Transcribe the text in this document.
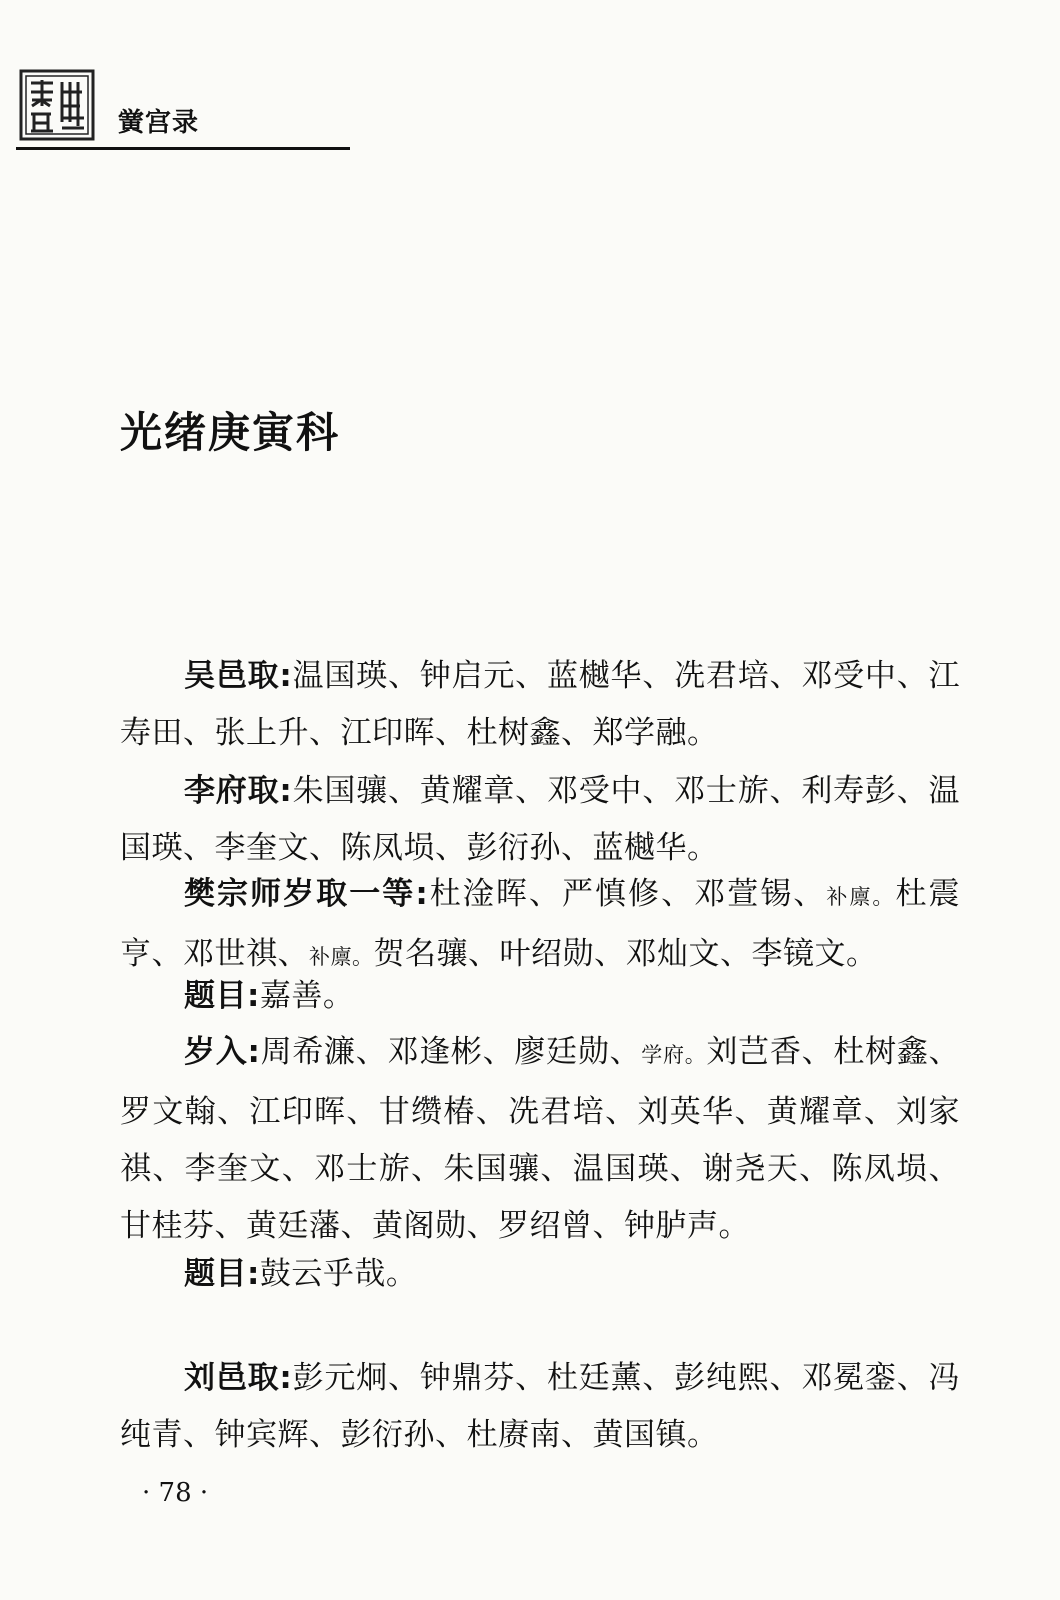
黉宫录
光绪庚寅科

吴邑取:温国瑛、钟启元、蓝樾华、冼君培、邓受中、江寿田、张上升、江印晖、杜树鑫、郑学融。

李府取:朱国骧、黄耀章、邓受中、邓士旂、利寿彭、温国瑛、李奎文、陈凤埙、彭衍孙、蓝樾华。

樊宗师岁取一等:杜淦晖、严慎修、邓萱锡、补廪。杜震亨、邓世祺、补廪。贺名骧、叶绍勋、邓灿文、李镜文。

题目:嘉善。

岁入:周希濂、邓逢彬、廖廷勋、学府。刘芑香、杜树鑫、罗文翰、江印晖、甘缵椿、冼君培、刘英华、黄耀章、刘家祺、李奎文、邓士旂、朱国骧、温国瑛、谢尧天、陈凤埙、甘桂芬、黄廷藩、黄阁勋、罗绍曾、钟胪声。

题目:鼓云乎哉。

刘邑取:彭元炯、钟鼎芬、杜廷薰、彭纯熙、邓冕銮、冯纯青、钟宾辉、彭衍孙、杜赓南、黄国镇。

· 78 ·
